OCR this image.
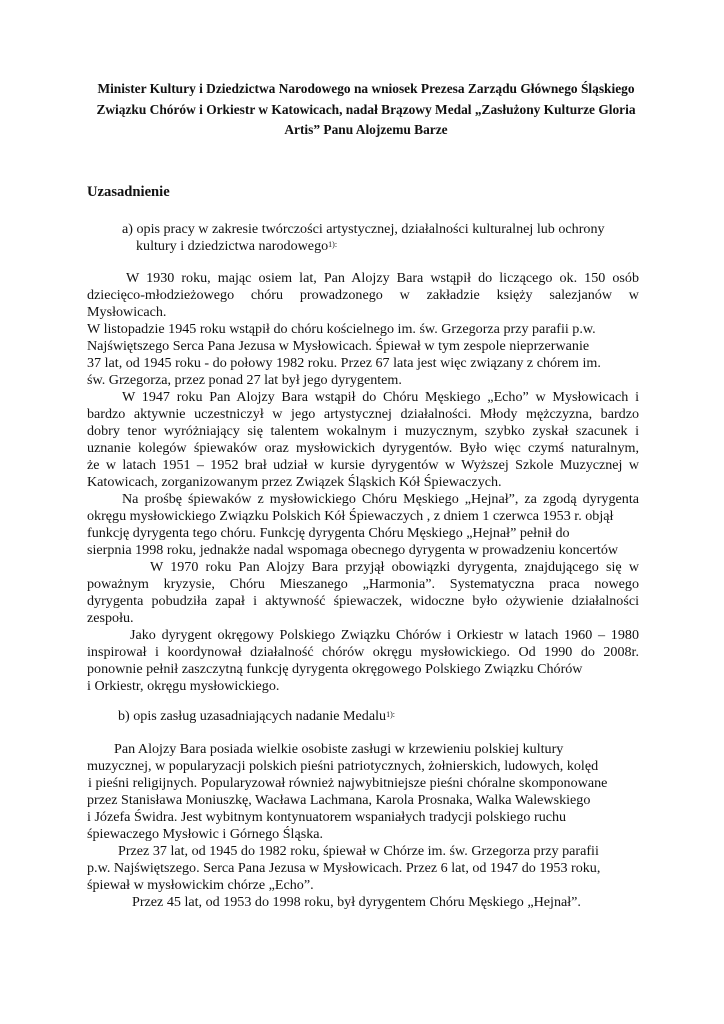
Minister Kultury i Dziedzictwa Narodowego na wniosek Prezesa Zarządu Głównego Śląskiego
Związku Chórów i Orkiestr w Katowicach, nadał Brązowy Medal „Zasłużony Kulturze Gloria
Artis” Panu Alojzemu Barze
Uzasadnienie
a) opis pracy w zakresie twórczości artystycznej, działalności kulturalnej lub ochrony
kultury i dziedzictwa narodowego$^{1):}$
W 1930 roku, mając osiem lat, Pan Alojzy Bara wstąpił do liczącego ok. 150 osób
dziecięco-młodzieżowego chóru prowadzonego w zakładzie księży salezjanów w
Mysłowicach.
W listopadzie 1945 roku wstąpił do chóru kościelnego im. św. Grzegorza przy parafii p.w.
Najświętszego Serca Pana Jezusa w Mysłowicach. Śpiewał w tym zespole nieprzerwanie
37 lat, od 1945 roku - do połowy 1982 roku. Przez 67 lata jest więc związany z chórem im.
św. Grzegorza, przez ponad 27 lat był jego dyrygentem.
W 1947 roku Pan Alojzy Bara wstąpił do Chóru Męskiego „Echo” w Mysłowicach i
bardzo aktywnie uczestniczył w jego artystycznej działalności. Młody mężczyzna, bardzo
dobry tenor wyróżniający się talentem wokalnym i muzycznym, szybko zyskał szacunek i
uznanie kolegów śpiewaków oraz mysłowickich dyrygentów. Było więc czymś naturalnym,
że w latach 1951 – 1952 brał udział w kursie dyrygentów w Wyższej Szkole Muzycznej w
Katowicach, zorganizowanym przez Związek Śląskich Kół Śpiewaczych.
Na prośbę śpiewaków z mysłowickiego Chóru Męskiego „Hejnał”, za zgodą dyrygenta
okręgu mysłowickiego Związku Polskich Kół Śpiewaczych , z dniem 1 czerwca 1953 r. objął
funkcję dyrygenta tego chóru. Funkcję dyrygenta Chóru Męskiego „Hejnał” pełnił do
sierpnia 1998 roku, jednakże nadal wspomaga obecnego dyrygenta w prowadzeniu koncertów
W 1970 roku Pan Alojzy Bara przyjął obowiązki dyrygenta, znajdującego się w
poważnym kryzysie, Chóru Mieszanego „Harmonia”. Systematyczna praca nowego
dyrygenta pobudziła zapał i aktywność śpiewaczek, widoczne było ożywienie działalności
zespołu.
Jako dyrygent okręgowy Polskiego Związku Chórów i Orkiestr w latach 1960 – 1980
inspirował i koordynował działalność chórów okręgu mysłowickiego. Od 1990 do 2008r.
ponownie pełnił zaszczytną funkcję dyrygenta okręgowego Polskiego Związku Chórów
i Orkiestr, okręgu mysłowickiego.
b) opis zasług uzasadniających nadanie Medalu$^{1):}$
Pan Alojzy Bara posiada wielkie osobiste zasługi w krzewieniu polskiej kultury
muzycznej, w popularyzacji polskich pieśni patriotycznych, żołnierskich, ludowych, kolęd
i pieśni religijnych. Popularyzował również najwybitniejsze pieśni chóralne skomponowane
przez Stanisława Moniuszkę, Wacława Lachmana, Karola Prosnaka, Walka Walewskiego
i Józefa Świdra. Jest wybitnym kontynuatorem wspaniałych tradycji polskiego ruchu
śpiewaczego Mysłowic i Górnego Śląska.
Przez 37 lat, od 1945 do 1982 roku, śpiewał w Chórze im. św. Grzegorza przy parafii
p.w. Najświętszego. Serca Pana Jezusa w Mysłowicach. Przez 6 lat, od 1947 do 1953 roku,
śpiewał w mysłowickim chórze „Echo”.
Przez 45 lat, od 1953 do 1998 roku, był dyrygentem Chóru Męskiego „Hejnał”.
